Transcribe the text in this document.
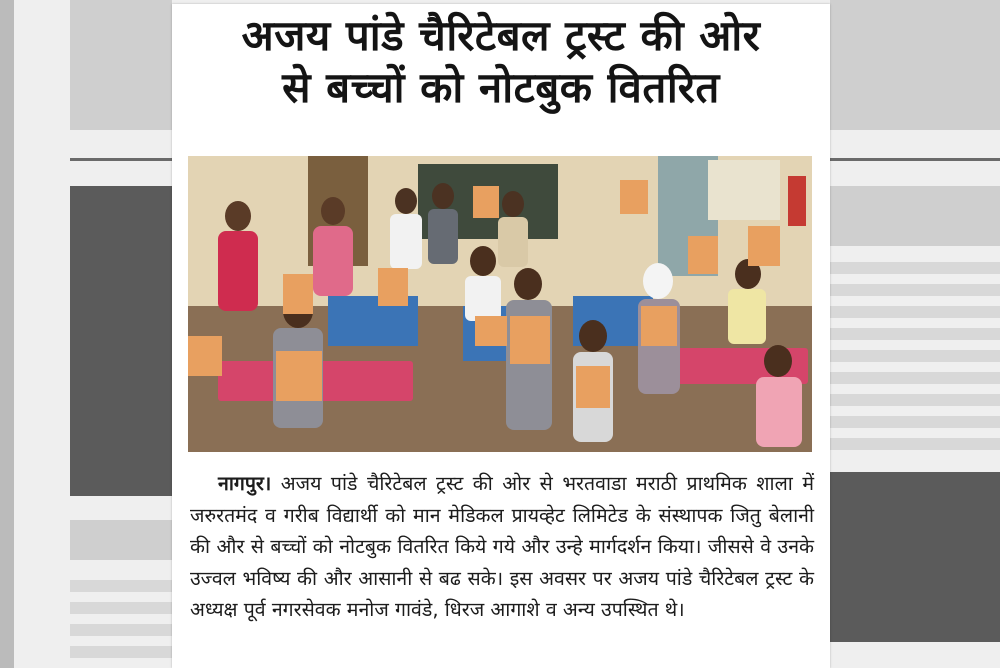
अजय पांडे चैरिटेबल ट्रस्ट की ओर
से बच्चों को नोटबुक वितरित
नागपुर। अजय पांडे चैरिटेबल ट्रस्ट की ओर से भरतवाडा मराठी प्राथमिक शाला में जरुरतमंद व गरीब विद्यार्थी को मान मेडिकल प्रायव्हेट लिमिटेड के संस्थापक जितु बेलानी की और से बच्चों को नोटबुक वितरित किये गये और उन्हे मार्गदर्शन किया। जीससे वे उनके उज्वल भविष्य की और आसानी से बढ सके। इस अवसर पर अजय पांडे चैरिटेबल ट्रस्ट के अध्यक्ष पूर्व नगरसेवक मनोज गावंडे, धिरज आगाशे व अन्य उपस्थित थे।
